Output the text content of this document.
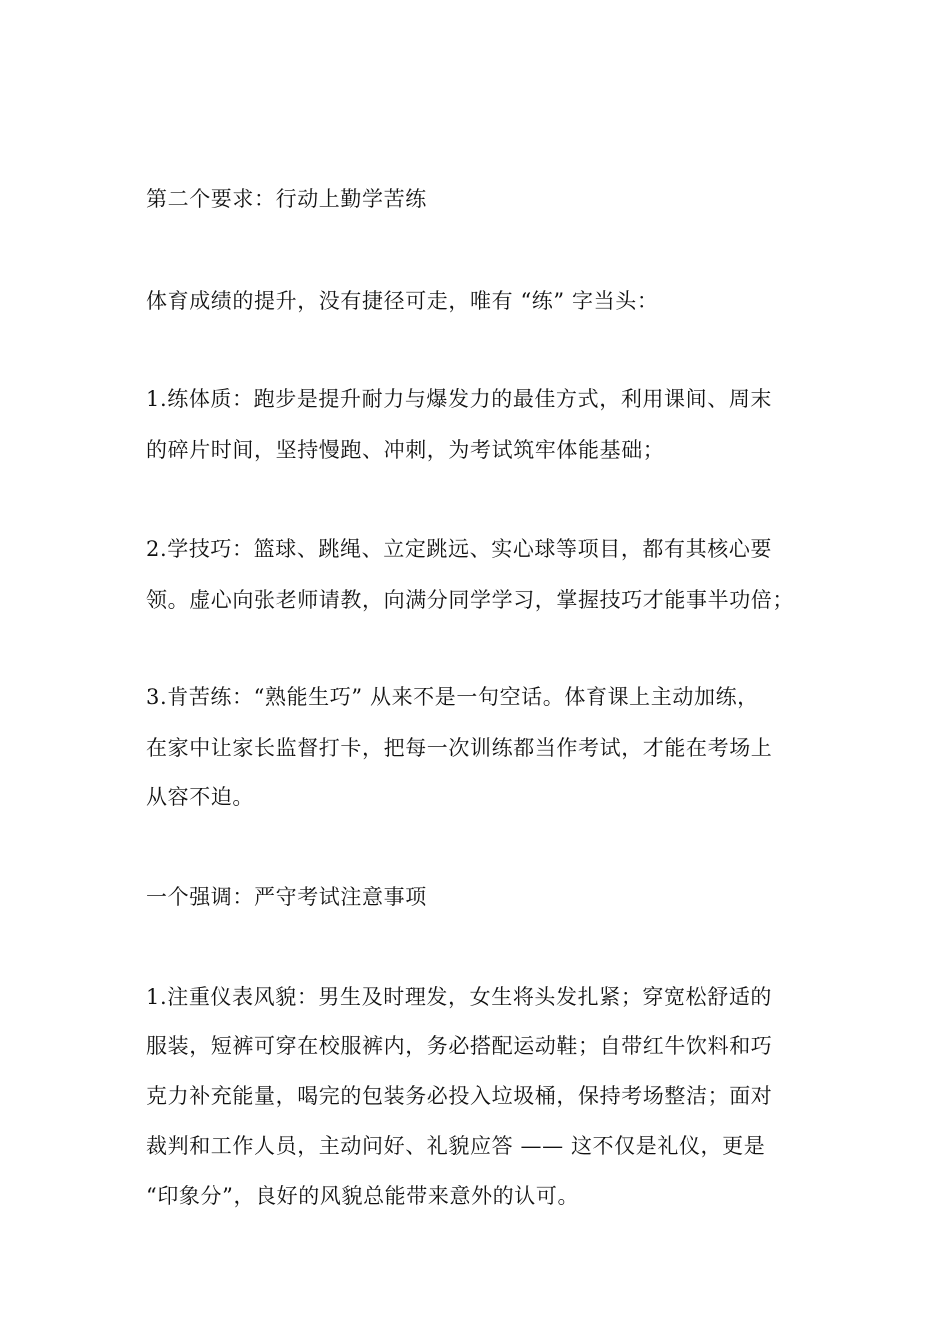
第二个要求：行动上勤学苦练
体育成绩的提升，没有捷径可走，唯有 “练” 字当头：
1.练体质：跑步是提升耐力与爆发力的最佳方式，利用课间、周末
的碎片时间，坚持慢跑、冲刺，为考试筑牢体能基础；
2.学技巧：篮球、跳绳、立定跳远、实心球等项目，都有其核心要
领。虚心向张老师请教，向满分同学学习，掌握技巧才能事半功倍；
3.肯苦练：“熟能生巧” 从来不是一句空话。体育课上主动加练，
在家中让家长监督打卡，把每一次训练都当作考试，才能在考场上
从容不迫。
一个强调：严守考试注意事项
1.注重仪表风貌：男生及时理发，女生将头发扎紧；穿宽松舒适的
服装，短裤可穿在校服裤内，务必搭配运动鞋；自带红牛饮料和巧
克力补充能量，喝完的包装务必投入垃圾桶，保持考场整洁；面对
裁判和工作人员，主动问好、礼貌应答 —— 这不仅是礼仪，更是
“印象分”，良好的风貌总能带来意外的认可。
